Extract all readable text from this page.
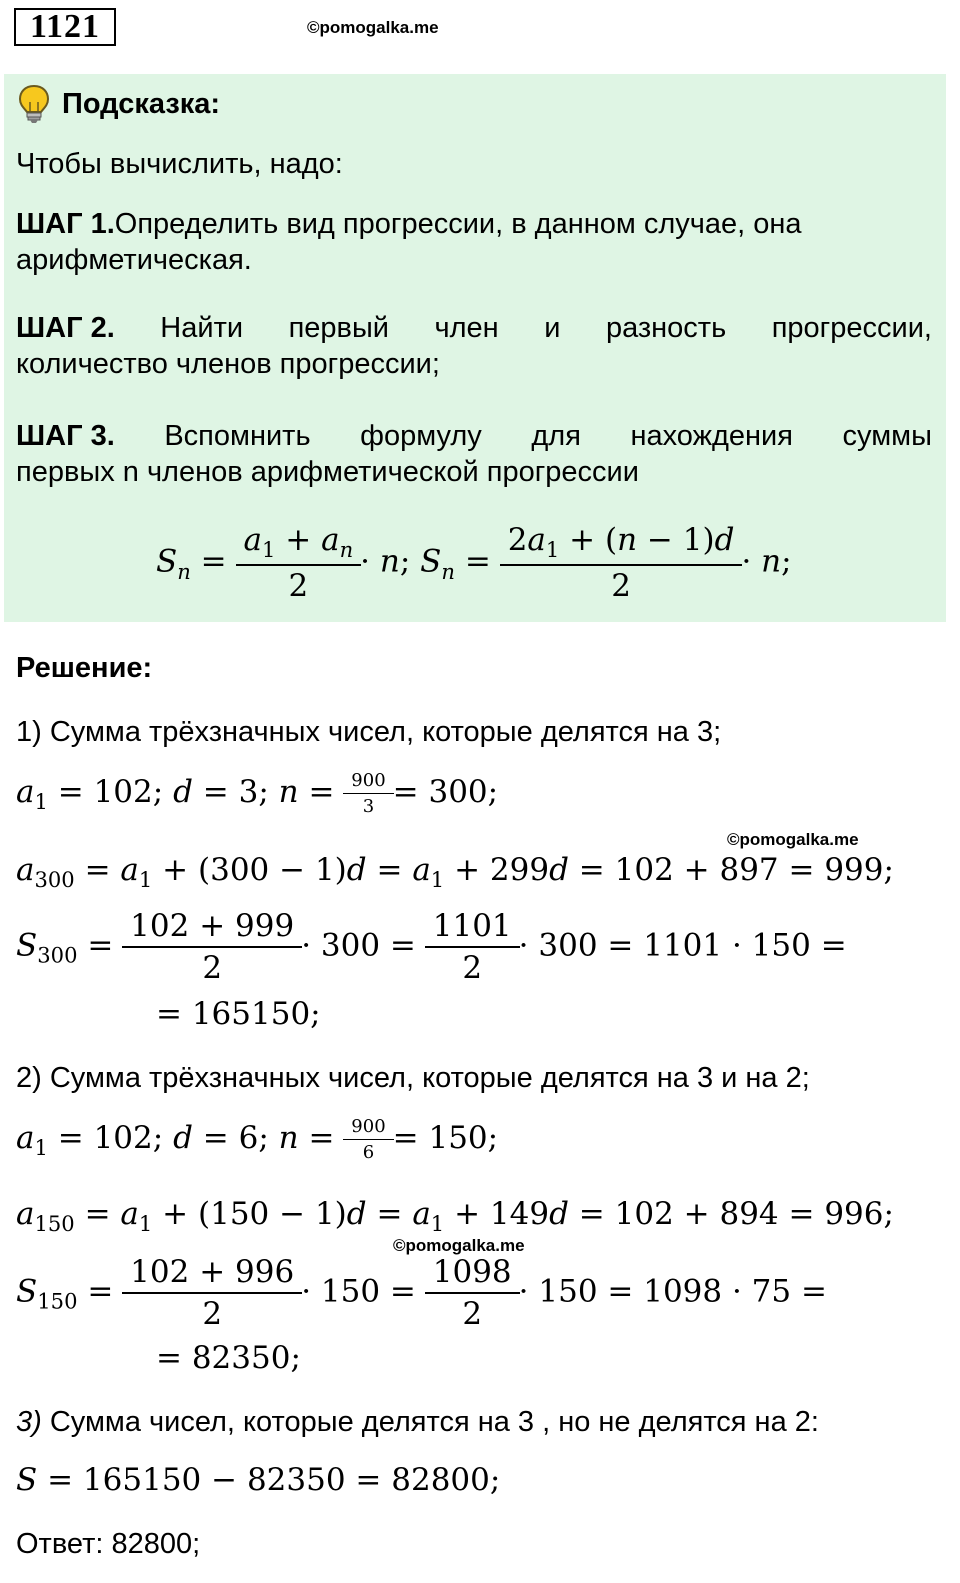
1121	©pomogalka.me
Подсказка:
Чтобы вычислить, надо:
ШАГ 1.Определить вид прогрессии, в данном случае, она
арифметическая.
ШАГ 2. Найти первый член и разность прогрессии,
количество членов прогрессии;
ШАГ 3. Вспомнить формулу для нахождения суммы
первых n членов арифметической прогрессии
$S_n = \frac{a_1 + a_n}{2} \cdot n$; $S_n = \frac{2a_1 + (n - 1)d}{2} \cdot n$;
Решение:
1) Сумма трёхзначных чисел, которые делятся на 3;
$a_1 = 102$; d = 3; $n = \frac{900}{3} = 300$;
©pomogalka.me
$a_{300} = a_1 + (300 - 1)d = a_1 + 299d = 102 + 897 = 999$;
$S_{300} = \frac{102 + 999}{2} \cdot 300 = \frac{1101}{2} \cdot 300 = 1101 \cdot 150$ =
= 165150;
2) Сумма трёхзначных чисел, которые делятся на 3 и на 2;
$a_1 = 102$; d = 6; $n = \frac{900}{6} = 150$;
$a_{150} = a_1 + (150 - 1)d = a_1 + 149d = 102 + 894 = 996$;
©pomogalka.me
$S_{150} = \frac{102 + 996}{2} \cdot 150 = \frac{1098}{2} \cdot 150 = 1098 \cdot 75$ =
= 82350;
3) Сумма чисел, которые делятся на 3 , но не делятся на 2:
S = 165150 − 82350 = 82800;
Ответ: 82800;
